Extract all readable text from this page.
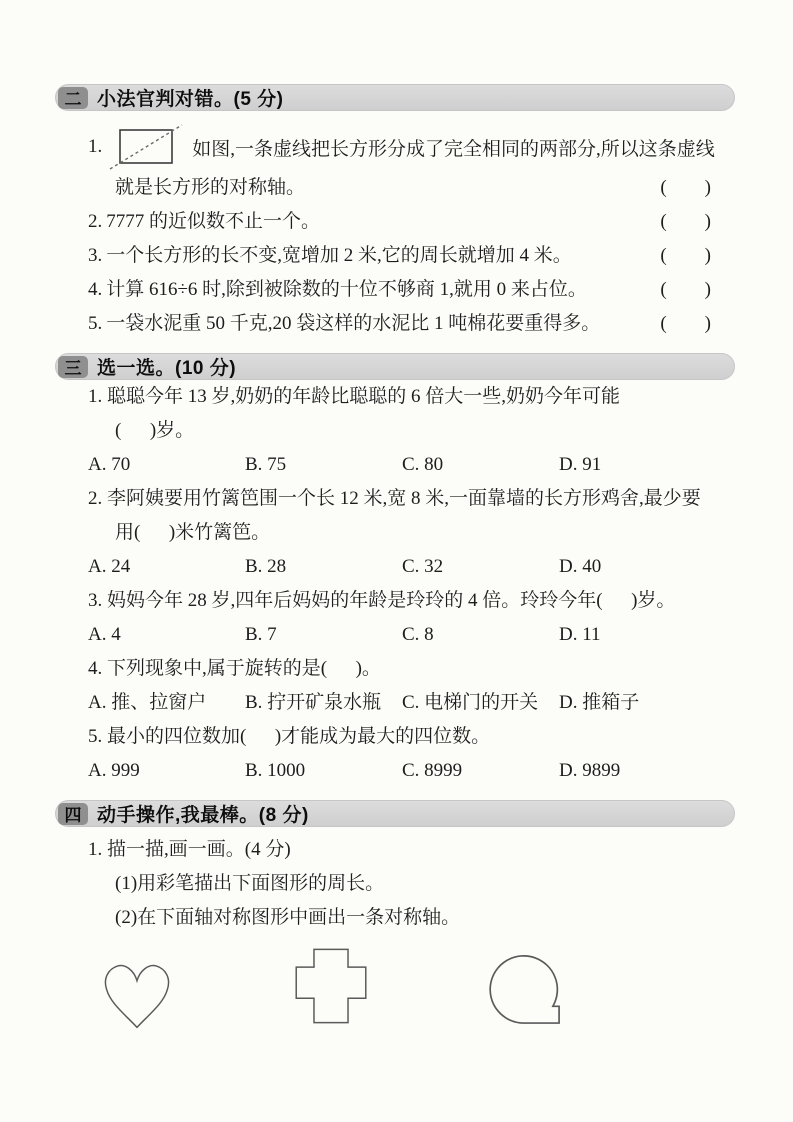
二 小法官判对错。(5 分)
1.	如图,一条虚线把长方形分成了完全相同的两部分,所以这条虚线
就是长方形的对称轴。	(        )
2. 7777 的近似数不止一个。	(        )
3. 一个长方形的长不变,宽增加 2 米,它的周长就增加 4 米。	(        )
4. 计算 616÷6 时,除到被除数的十位不够商 1,就用 0 来占位。	(        )
5. 一袋水泥重 50 千克,20 袋这样的水泥比 1 吨棉花要重得多。	(        )
三 选一选。(10 分)
1. 聪聪今年 13 岁,奶奶的年龄比聪聪的 6 倍大一些,奶奶今年可能
(      )岁。
A. 70	B. 75	C. 80	D. 91
2. 李阿姨要用竹篱笆围一个长 12 米,宽 8 米,一面靠墙的长方形鸡舍,最少要
用(      )米竹篱笆。
A. 24	B. 28	C. 32	D. 40
3. 妈妈今年 28 岁,四年后妈妈的年龄是玲玲的 4 倍。玲玲今年(      )岁。
A. 4	B. 7	C. 8	D. 11
4. 下列现象中,属于旋转的是(      )。
A. 推、拉窗户	B. 拧开矿泉水瓶	C. 电梯门的开关	D. 推箱子
5. 最小的四位数加(      )才能成为最大的四位数。
A. 999	B. 1000	C. 8999	D. 9899
四 动手操作,我最棒。(8 分)
1. 描一描,画一画。(4 分)
(1)用彩笔描出下面图形的周长。
(2)在下面轴对称图形中画出一条对称轴。
